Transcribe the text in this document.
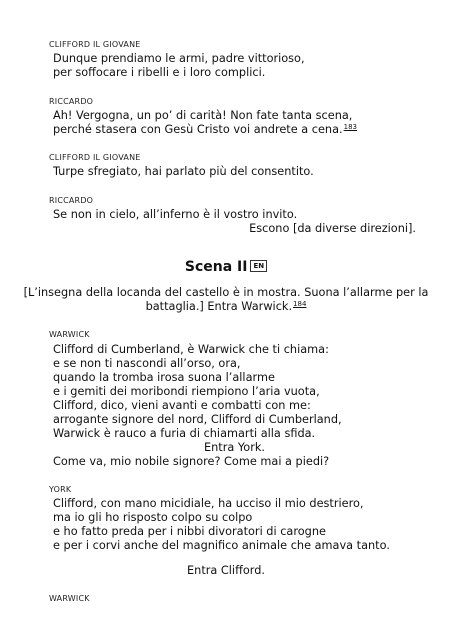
CLIFFORD IL GIOVANE
Dunque prendiamo le armi, padre vittorioso,
per soffocare i ribelli e i loro complici.
RICCARDO
Ah! Vergogna, un po’ di carità! Non fate tanta scena,
perché stasera con Gesù Cristo voi andrete a cena.$^{183}$
CLIFFORD IL GIOVANE
Turpe sfregiato, hai parlato più del consentito.
RICCARDO
Se non in cielo, all’inferno è il vostro invito.
Escono [da diverse direzioni].
Scena II EN
[L’insegna della locanda del castello è in mostra. Suona l’allarme per la
battaglia.] Entra Warwick.$^{184}$
WARWICK
Clifford di Cumberland, è Warwick che ti chiama:
e se non ti nascondi all’orso, ora,
quando la tromba irosa suona l’allarme
e i gemiti dei moribondi riempiono l’aria vuota,
Clifford, dico, vieni avanti e combatti con me:
arrogante signore del nord, Clifford di Cumberland,
Warwick è rauco a furia di chiamarti alla sfida.
Entra York.
Come va, mio nobile signore? Come mai a piedi?
YORK
Clifford, con mano micidiale, ha ucciso il mio destriero,
ma io gli ho risposto colpo su colpo
e ho fatto preda per i nibbi divoratori di carogne
e per i corvi anche del magnifico animale che amava tanto.
Entra Clifford.
WARWICK
